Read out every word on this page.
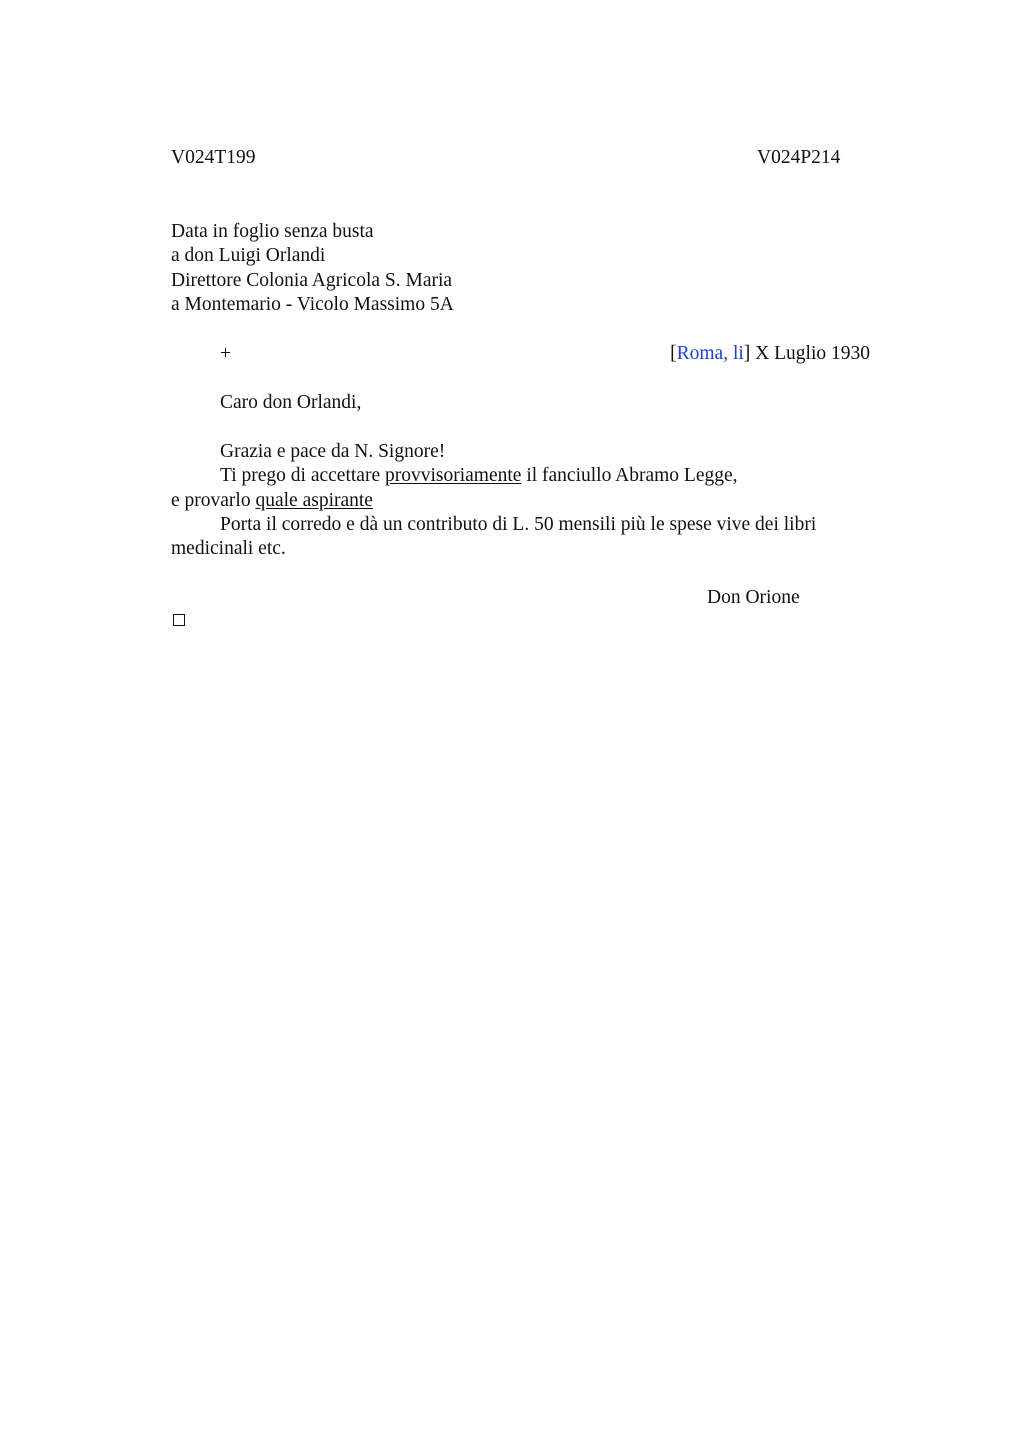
V024T199	V024P214
Data in foglio senza busta
a don Luigi Orlandi
Direttore Colonia Agricola S. Maria
a Montemario - Vicolo Massimo 5A
+	[Roma, li] X Luglio 1930
Caro don Orlandi,
Grazia e pace da N. Signore!
Ti prego di accettare provvisoriamente il fanciullo Abramo Legge,
e provarlo quale aspirante
Porta il corredo e dà un contributo di L. 50 mensili più le spese vive dei libri
medicinali etc.
Don Orione
